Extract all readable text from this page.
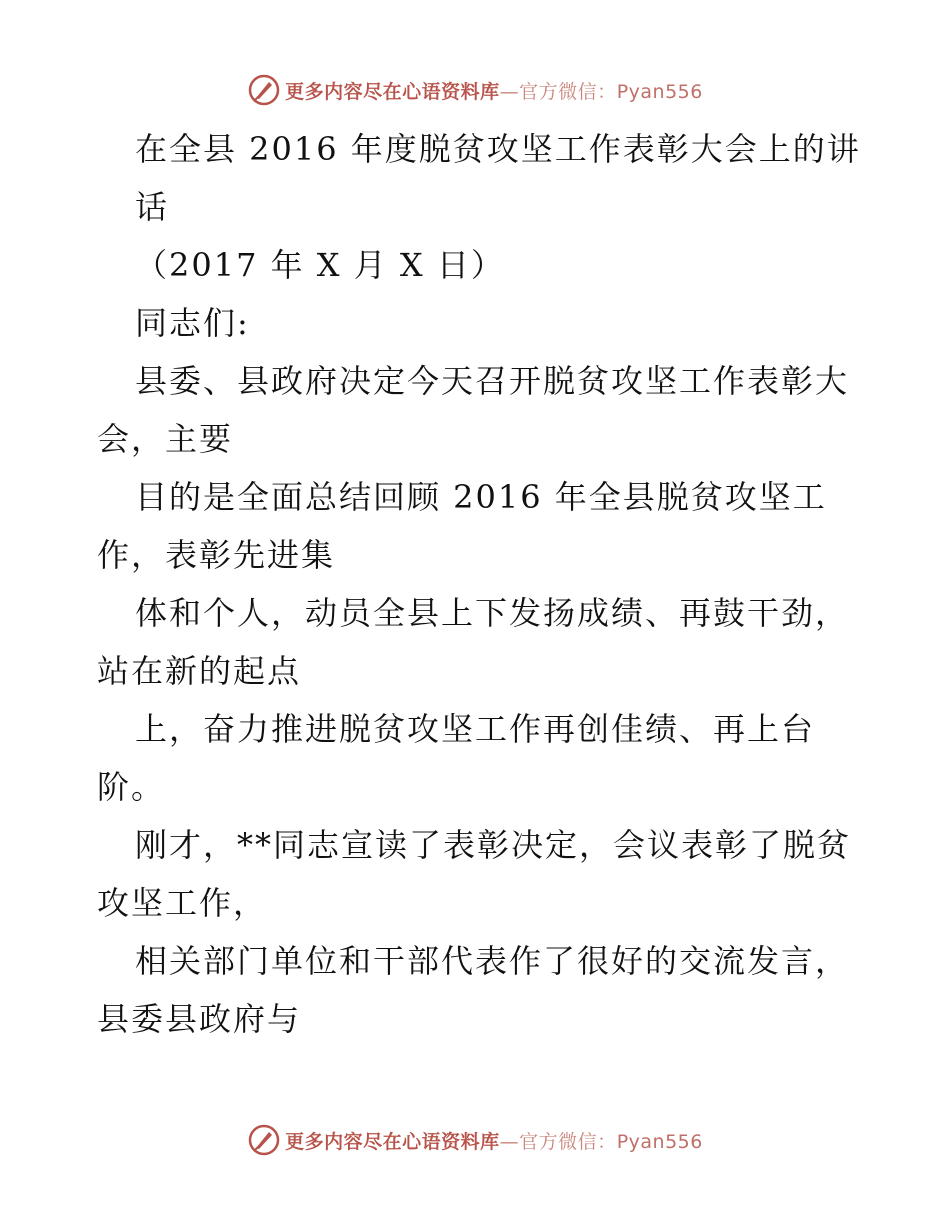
更多内容尽在心语资料库—官方微信：Pyan556
在全县 2016 年度脱贫攻坚工作表彰大会上的讲
话
（2017 年 X 月 X 日）
同志们:
县委、县政府决定今天召开脱贫攻坚工作表彰大
会，主要
目的是全面总结回顾 2016 年全县脱贫攻坚工
作，表彰先进集
体和个人，动员全县上下发扬成绩、再鼓干劲，
站在新的起点
上，奋力推进脱贫攻坚工作再创佳绩、再上台
阶。
刚才，**同志宣读了表彰决定，会议表彰了脱贫
攻坚工作，
相关部门单位和干部代表作了很好的交流发言，
县委县政府与
更多内容尽在心语资料库—官方微信：Pyan556
